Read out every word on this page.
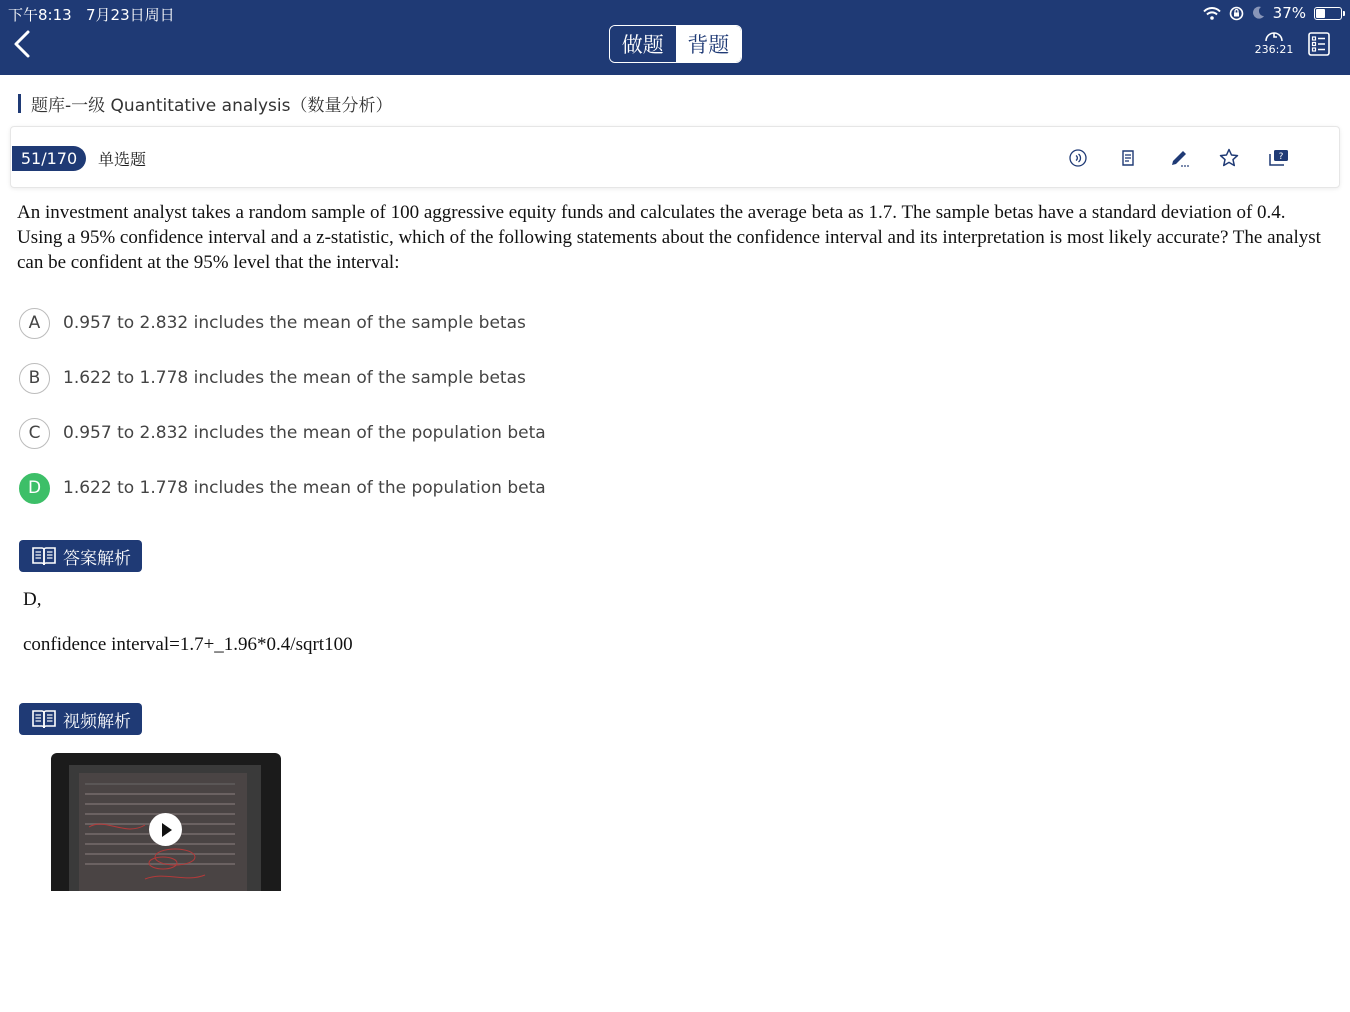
下午8:13 7月23日周日	37%
做题	背题	236:21
题库-一级 Quantitative analysis（数量分析）
51/170	单选题	?
An investment analyst takes a random sample of 100 aggressive equity funds and calculates the average beta as 1.7. The sample betas have a standard deviation of 0.4. Using a 95% confidence interval and a z-statistic, which of the following statements about the confidence interval and its interpretation is most likely accurate? The analyst can be confident at the 95% level that the interval:
A	0.957 to 2.832 includes the mean of the sample betas
B	1.622 to 1.778 includes the mean of the sample betas
C	0.957 to 2.832 includes the mean of the population beta
D	1.622 to 1.778 includes the mean of the population beta
答案解析
D,
confidence interval=1.7+_1.96*0.4/sqrt100
视频解析
